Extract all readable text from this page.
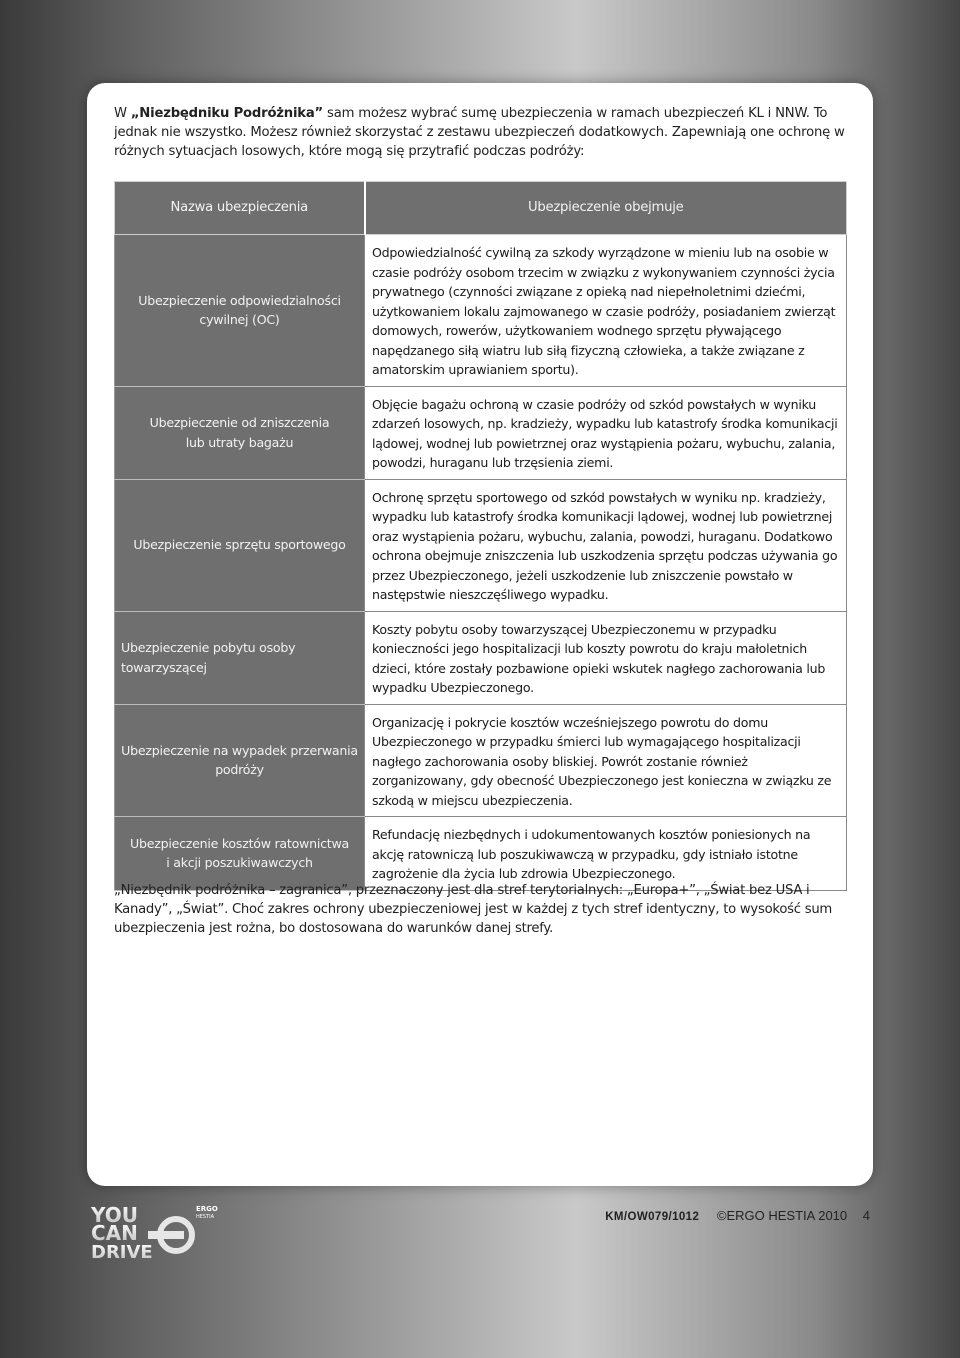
W „Niezbędniku Podróżnika” sam możesz wybrać sumę ubezpieczenia w ramach ubezpieczeń KL i NNW. To jednak nie wszystko. Możesz również skorzystać z zestawu ubezpieczeń dodatkowych. Zapewniają one ochronę w różnych sytuacjach losowych, które mogą się przytrafić podczas podróży:
Nazwa ubezpieczenia	Ubezpieczenie obejmuje
Ubezpieczenie odpowiedzialności cywilnej (OC)	Odpowiedzialność cywilną za szkody wyrządzone w mieniu lub na osobie w czasie podróży osobom trzecim w związku z wykonywaniem czynności życia prywatnego (czynności związane z opieką nad niepełnoletnimi dziećmi, użytkowaniem lokalu zajmowanego w czasie podróży, posiadaniem zwierząt domowych, rowerów, użytkowaniem wodnego sprzętu pływającego napędzanego siłą wiatru lub siłą fizyczną człowieka, a także związane z amatorskim uprawianiem sportu).
Ubezpieczenie od zniszczenia lub utraty bagażu	Objęcie bagażu ochroną w czasie podróży od szkód powstałych w wyniku zdarzeń losowych, np. kradzieży, wypadku lub katastrofy środka komunikacji lądowej, wodnej lub powietrznej oraz wystąpienia pożaru, wybuchu, zalania, powodzi, huraganu lub trzęsienia ziemi.
Ubezpieczenie sprzętu sportowego	Ochronę sprzętu sportowego od szkód powstałych w wyniku np. kradzieży, wypadku lub katastrofy środka komunikacji lądowej, wodnej lub powietrznej oraz wystąpienia pożaru, wybuchu, zalania, powodzi, huraganu. Dodatkowo ochrona obejmuje zniszczenia lub uszkodzenia sprzętu podczas używania go przez Ubezpieczonego, jeżeli uszkodzenie lub zniszczenie powstało w następstwie nieszczęśliwego wypadku.
Ubezpieczenie pobytu osoby towarzyszącej	Koszty pobytu osoby towarzyszącej Ubezpieczonemu w przypadku konieczności jego hospitalizacji lub koszty powrotu do kraju małoletnich dzieci, które zostały pozbawione opieki wskutek nagłego zachorowania lub wypadku Ubezpieczonego.
Ubezpieczenie na wypadek przerwania podróży	Organizację i pokrycie kosztów wcześniejszego powrotu do domu Ubezpieczonego w przypadku śmierci lub wymagającego hospitalizacji nagłego zachorowania osoby bliskiej. Powrót zostanie również zorganizowany, gdy obecność Ubezpieczonego jest konieczna w związku ze szkodą w miejscu ubezpieczenia.
Ubezpieczenie kosztów ratownictwa i akcji poszukiwawczych	Refundację niezbędnych i udokumentowanych kosztów poniesionych na akcję ratowniczą lub poszukiwawczą w przypadku, gdy istniało istotne zagrożenie dla życia lub zdrowia Ubezpieczonego.
„Niezbędnik podróżnika – zagranica”, przeznaczony jest dla stref terytorialnych: „Europa+”, „Świat bez USA i Kanady”, „Świat”. Choć zakres ochrony ubezpieczeniowej jest w każdej z tych stref identyczny, to wysokość sum ubezpieczenia jest rożna, bo dostosowana do warunków danej strefy.
YOU
CAN
DRIVE
ERGO
HESTIA	KM/OW079/1012 ©ERGO HESTIA 2010 4
